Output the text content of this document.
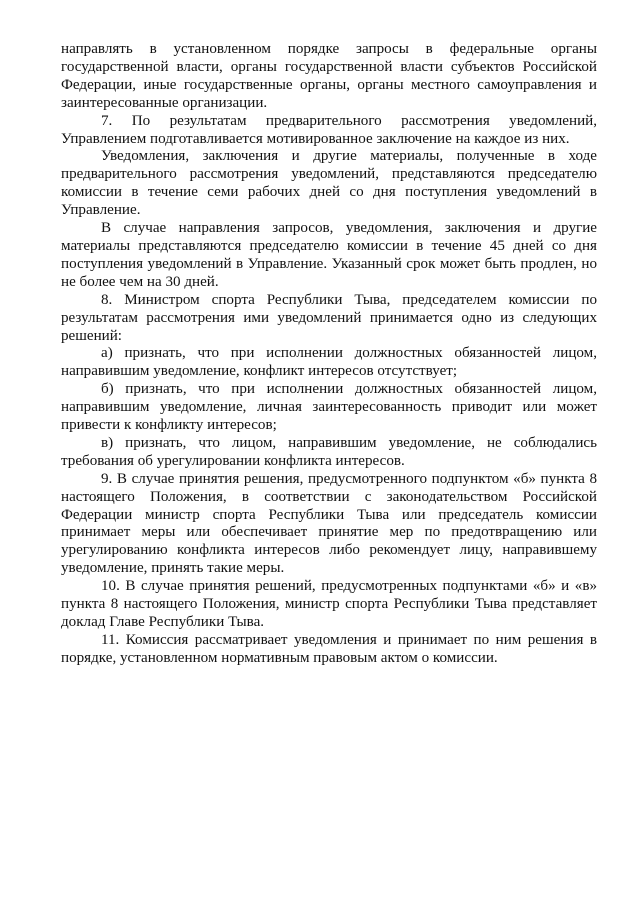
направлять в установленном порядке запросы в федеральные органы государственной власти, органы государственной власти субъектов Российской Федерации, иные государственные органы, органы местного самоуправления и заинтересованные организации.

7. По результатам предварительного рассмотрения уведомлений, Управлением подготавливается мотивированное заключение на каждое из них.

Уведомления, заключения и другие материалы, полученные в ходе предварительного рассмотрения уведомлений, представляются председателю комиссии в течение семи рабочих дней со дня поступления уведомлений в Управление.

В случае направления запросов, уведомления, заключения и другие материалы представляются председателю комиссии в течение 45 дней со дня поступления уведомлений в Управление. Указанный срок может быть продлен, но не более чем на 30 дней.

8. Министром спорта Республики Тыва, председателем комиссии по результатам рассмотрения ими уведомлений принимается одно из следующих решений:

а) признать, что при исполнении должностных обязанностей лицом, направившим уведомление, конфликт интересов отсутствует;

б) признать, что при исполнении должностных обязанностей лицом, направившим уведомление, личная заинтересованность приводит или может привести к конфликту интересов;

в) признать, что лицом, направившим уведомление, не соблюдались требования об урегулировании конфликта интересов.

9. В случае принятия решения, предусмотренного подпунктом «б» пункта 8 настоящего Положения, в соответствии с законодательством Российской Федерации министр спорта Республики Тыва или председатель комиссии принимает меры или обеспечивает принятие мер по предотвращению или урегулированию конфликта интересов либо рекомендует лицу, направившему уведомление, принять такие меры.

10. В случае принятия решений, предусмотренных подпунктами «б» и «в» пункта 8 настоящего Положения, министр спорта Республики Тыва представляет доклад Главе Республики Тыва.

11. Комиссия рассматривает уведомления и принимает по ним решения в порядке, установленном нормативным правовым актом о комиссии.
